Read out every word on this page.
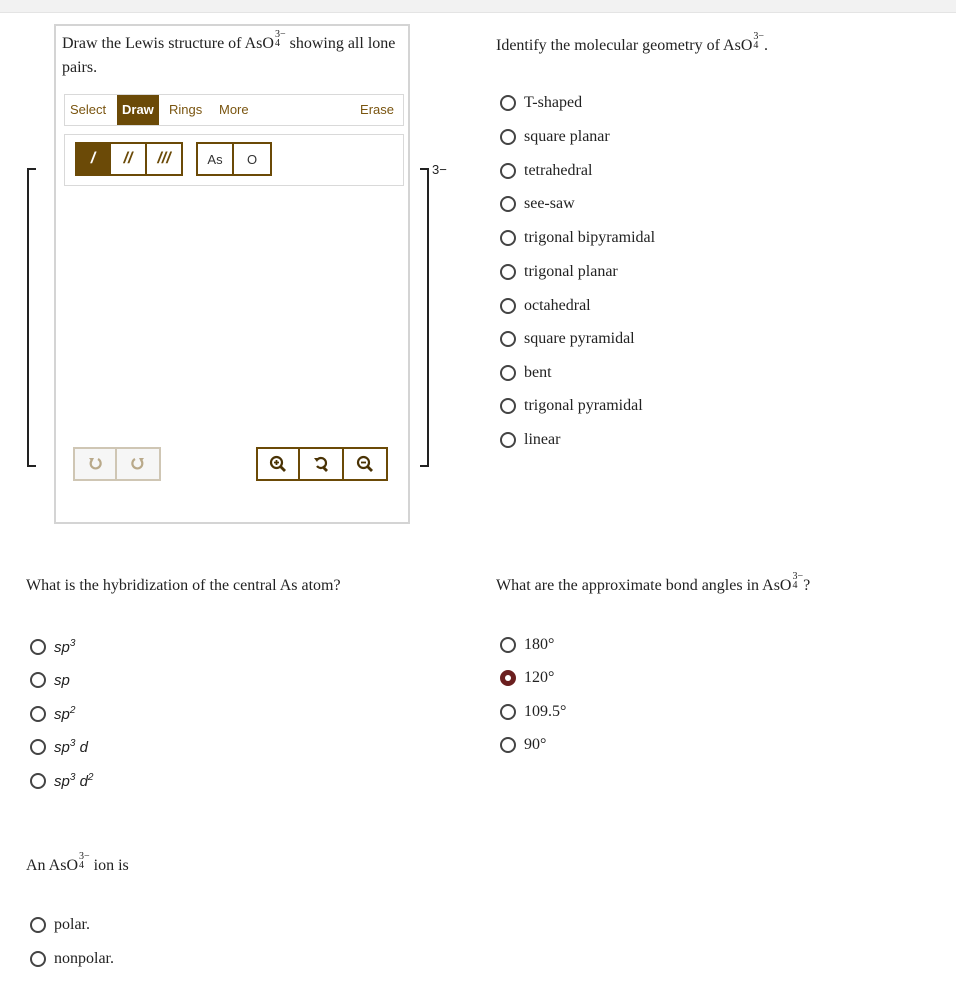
Draw the Lewis structure of AsO
3−
4 showing all lone pairs.
Select	Draw	Rings	More	Erase
/	//	///	As	O
3−
Identify the molecular geometry of AsO
3−
4 .
T-shaped
square planar
tetrahedral
see-saw
trigonal bipyramidal
trigonal planar
octahedral
square pyramidal
bent
trigonal pyramidal
linear
What is the hybridization of the central As atom?
$sp^3$
sp
$sp^2$
$sp^3$ d
$sp^3$ $d^2$
What are the approximate bond angles in AsO
3−
4 ?
180°
120°
109.5°
90°
An AsO
3−
4 ion is
polar.
nonpolar.
